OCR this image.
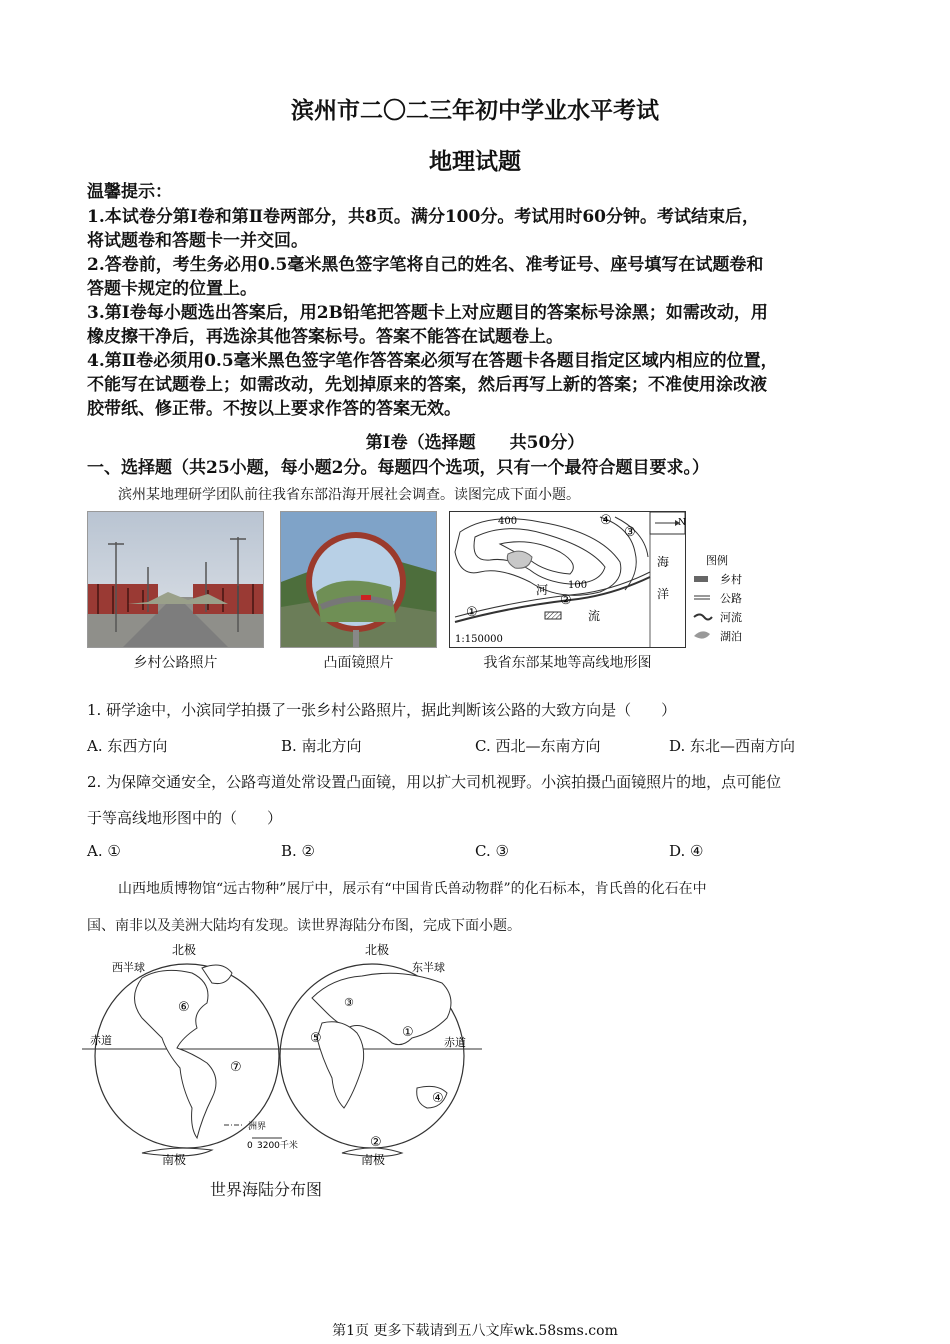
滨州市二〇二三年初中学业水平考试
地理试题
温馨提示：
1.本试卷分第Ⅰ卷和第Ⅱ卷两部分，共8页。满分100分。考试用时60分钟。考试结束后，
将试题卷和答题卡一并交回。
2.答卷前，考生务必用0.5毫米黑色签字笔将自己的姓名、准考证号、座号填写在试题卷和
答题卡规定的位置上。
3.第Ⅰ卷每小题选出答案后，用2B铅笔把答题卡上对应题目的答案标号涂黑；如需改动，用
橡皮擦干净后，再选涂其他答案标号。答案不能答在试题卷上。
4.第Ⅱ卷必须用0.5毫米黑色签字笔作答答案必须写在答题卡各题目指定区域内相应的位置，
不能写在试题卷上；如需改动，先划掉原来的答案，然后再写上新的答案；不准使用涂改液
胶带纸、修正带。不按以上要求作答的答案无效。
第Ⅰ卷（选择题　　共50分）
一、选择题（共25小题，每小题2分。每题四个选项，只有一个最符合题目要求。）
滨州某地理研学团队前往我省东部沿海开展社会调查。读图完成下面小题。
乡村公路照片	凸面镜照片
400
100
①
②
③
④	N
海
洋
河
流
1:150000
图例
乡村
公路
河流
湖泊
我省东部某地等高线地形图
1. 研学途中，小滨同学拍摄了一张乡村公路照片，据此判断该公路的大致方向是（　　）
A. 东西方向	B. 南北方向	C. 西北—东南方向	D. 东北—西南方向
2. 为保障交通安全，公路弯道处常设置凸面镜，用以扩大司机视野。小滨拍摄凸面镜照片的地，点可能位
于等高线地形图中的（　　）
A. ①	B. ②	C. ③	D. ④
山西地质博物馆“远古物种”展厅中，展示有“中国肯氏兽动物群”的化石标本，肯氏兽的化石在中
国、南非以及美洲大陆均有发现。读世界海陆分布图，完成下面小题。
北极	北极
西半球	东半球
赤道	赤道
南极	南极
①
②
③
④
⑤
⑥
⑦
洲界
0 3200千米
世界海陆分布图
第1页 更多下载请到五八文库wk.58sms.com
